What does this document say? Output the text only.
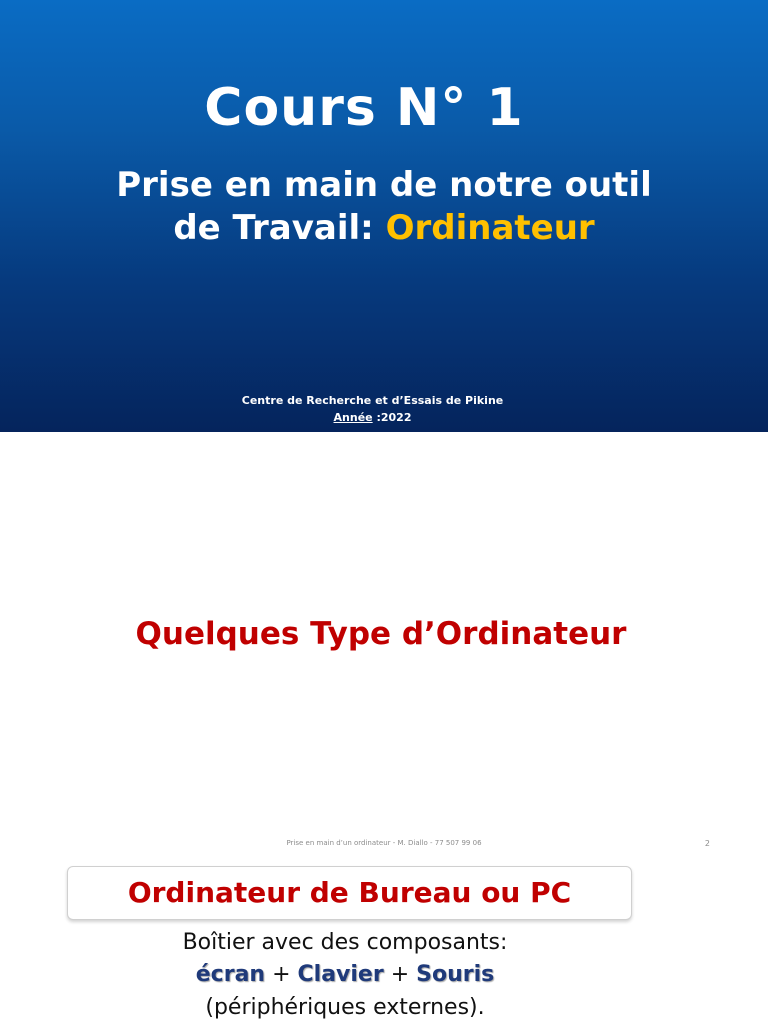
Cours N° 1
Prise en main de notre outil
de Travail: Ordinateur
Centre de Recherche et d’Essais de Pikine
Année :2022
Quelques Type d’Ordinateur
Prise en main d’un ordinateur - M. Diallo - 77 507 99 06	2
Ordinateur de Bureau ou PC
Boîtier avec des composants:
écran + Clavier + Souris
(périphériques externes).
